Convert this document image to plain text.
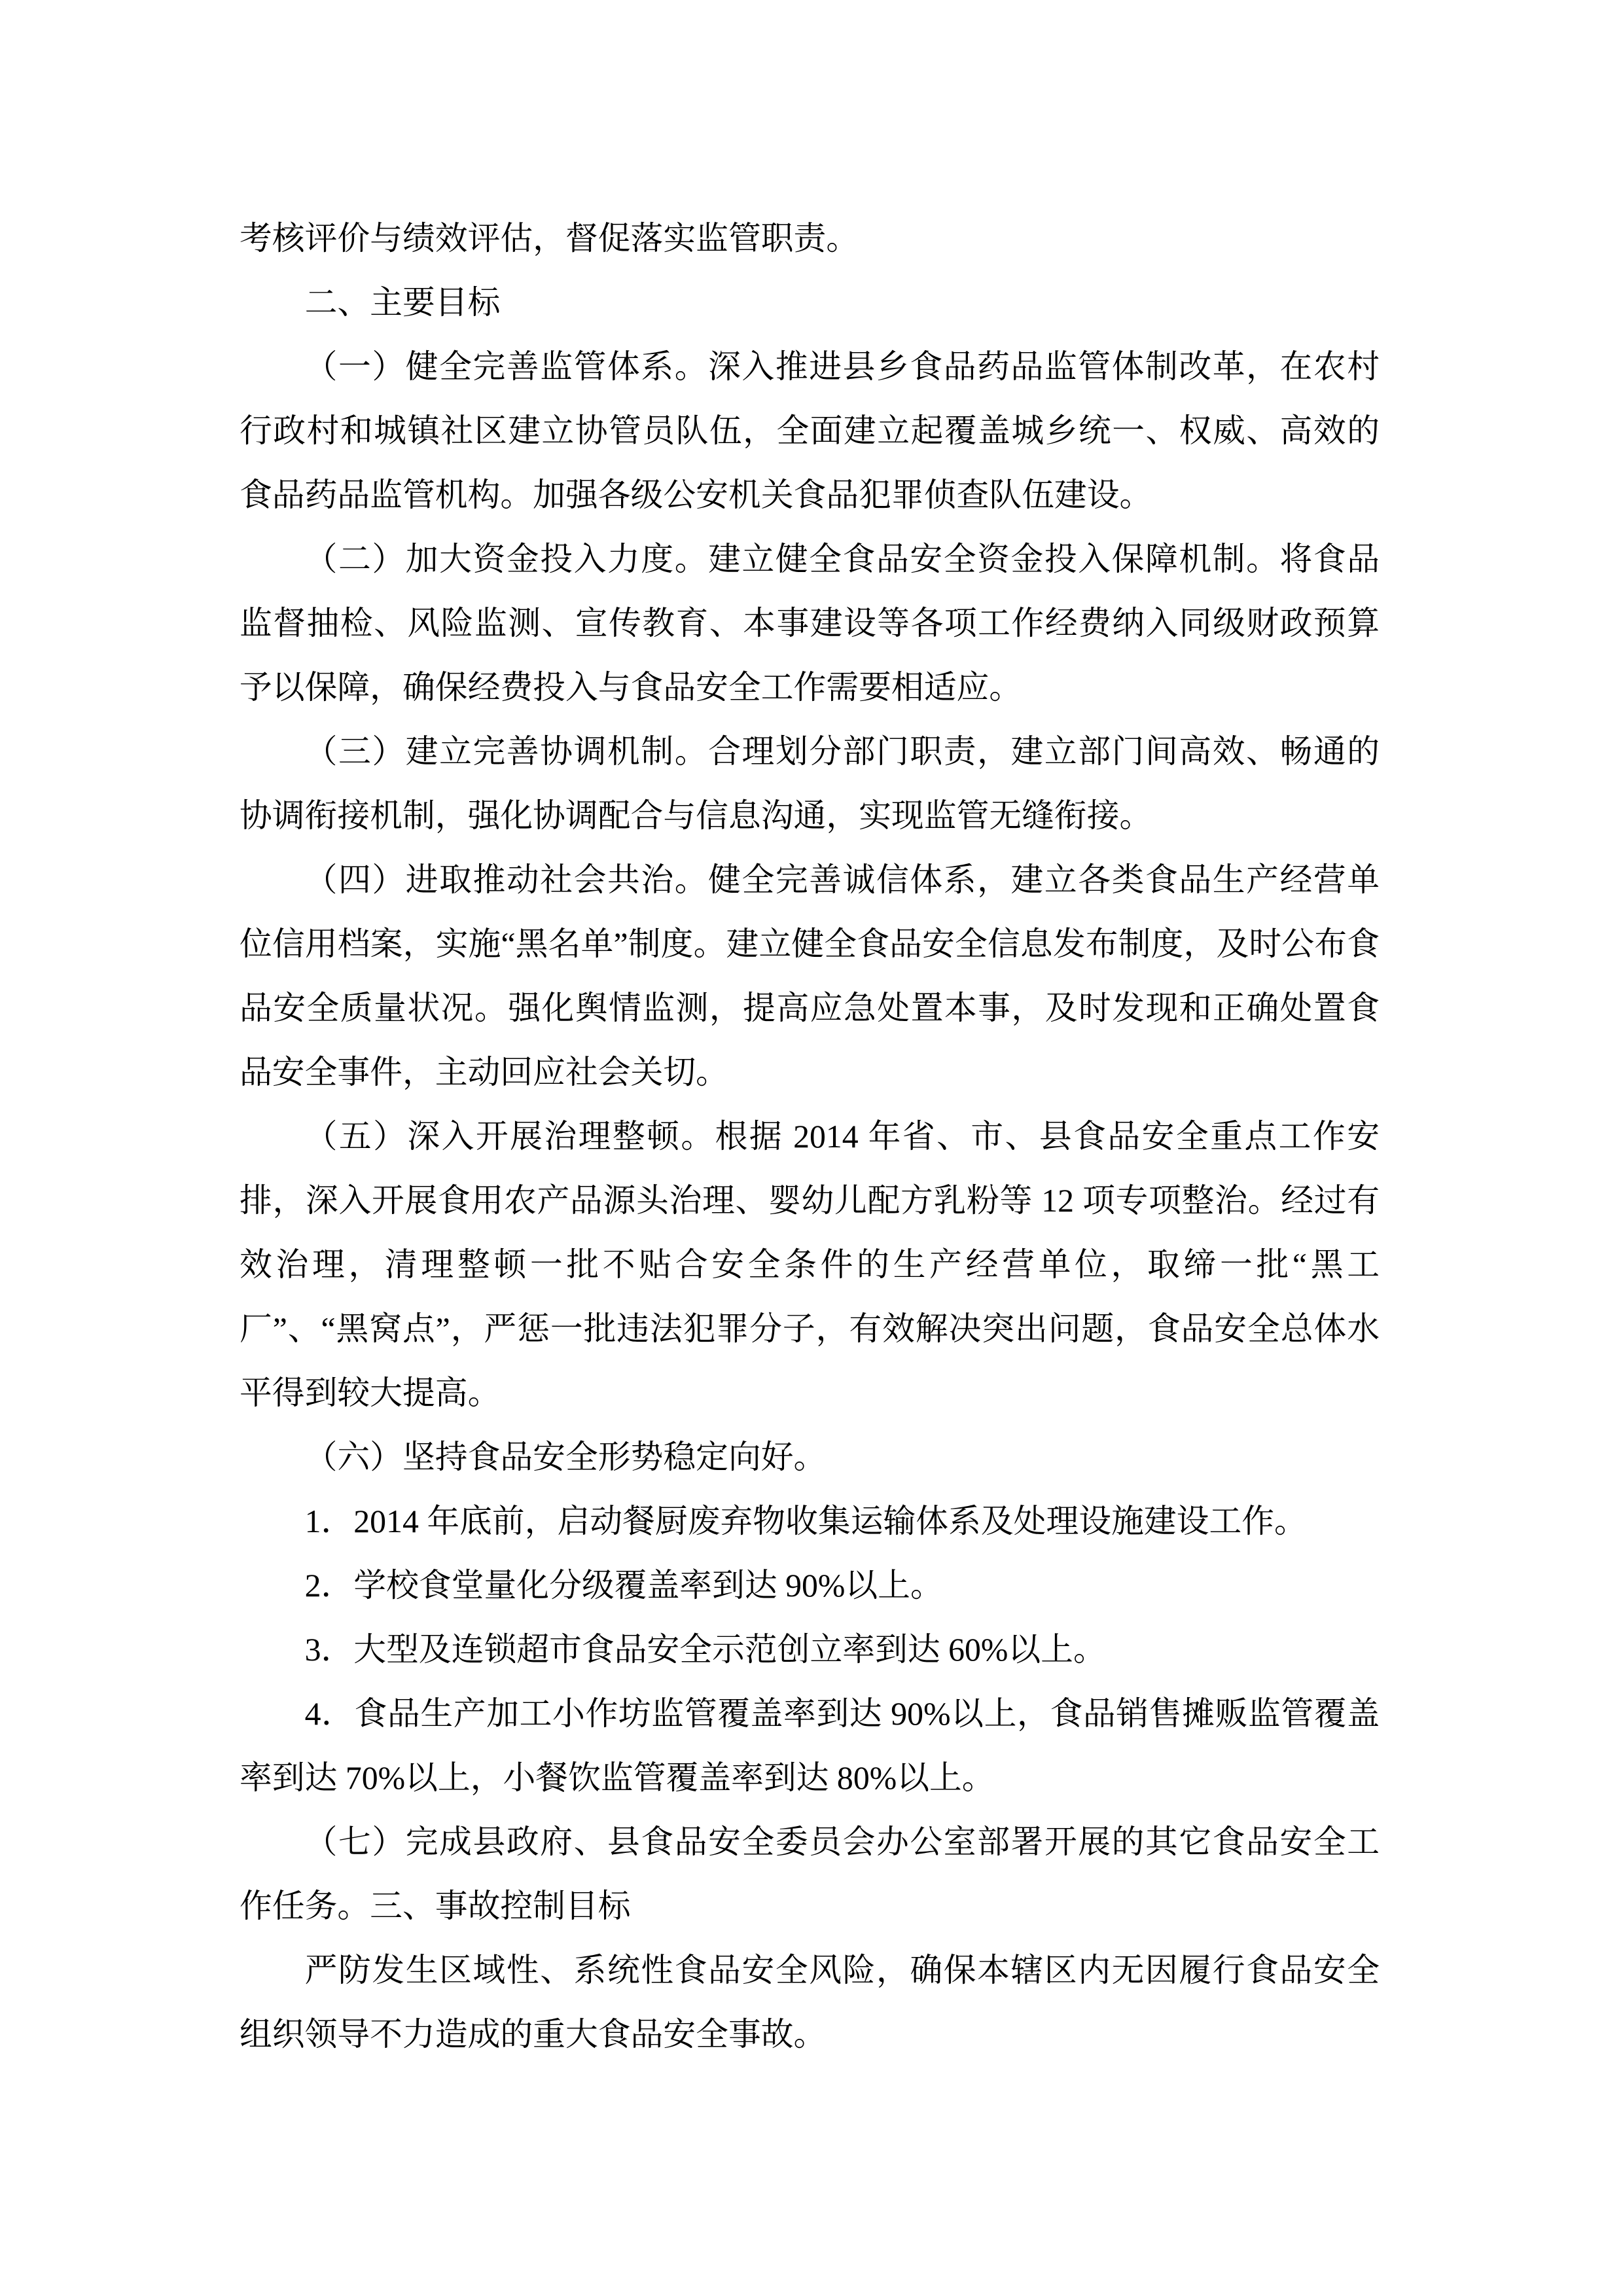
考核评价与绩效评估，督促落实监管职责。

二、主要目标

（一）健全完善监管体系。深入推进县乡食品药品监管体制改革，在农村行政村和城镇社区建立协管员队伍，全面建立起覆盖城乡统一、权威、高效的食品药品监管机构。加强各级公安机关食品犯罪侦查队伍建设。

（二）加大资金投入力度。建立健全食品安全资金投入保障机制。将食品监督抽检、风险监测、宣传教育、本事建设等各项工作经费纳入同级财政预算予以保障，确保经费投入与食品安全工作需要相适应。

（三）建立完善协调机制。合理划分部门职责，建立部门间高效、畅通的协调衔接机制，强化协调配合与信息沟通，实现监管无缝衔接。

（四）进取推动社会共治。健全完善诚信体系，建立各类食品生产经营单位信用档案，实施“黑名单”制度。建立健全食品安全信息发布制度，及时公布食品安全质量状况。强化舆情监测，提高应急处置本事，及时发现和正确处置食品安全事件，主动回应社会关切。

（五）深入开展治理整顿。根据 2014 年省、市、县食品安全重点工作安排，深入开展食用农产品源头治理、婴幼儿配方乳粉等 12 项专项整治。经过有效治理，清理整顿一批不贴合安全条件的生产经营单位，取缔一批“黑工厂”、“黑窝点”，严惩一批违法犯罪分子，有效解决突出问题，食品安全总体水平得到较大提高。

（六）坚持食品安全形势稳定向好。

1．2014 年底前，启动餐厨废弃物收集运输体系及处理设施建设工作。

2．学校食堂量化分级覆盖率到达 90%以上。

3．大型及连锁超市食品安全示范创立率到达 60%以上。

4．食品生产加工小作坊监管覆盖率到达 90%以上，食品销售摊贩监管覆盖率到达 70%以上，小餐饮监管覆盖率到达 80%以上。

（七）完成县政府、县食品安全委员会办公室部署开展的其它食品安全工作任务。三、事故控制目标

严防发生区域性、系统性食品安全风险，确保本辖区内无因履行食品安全组织领导不力造成的重大食品安全事故。
